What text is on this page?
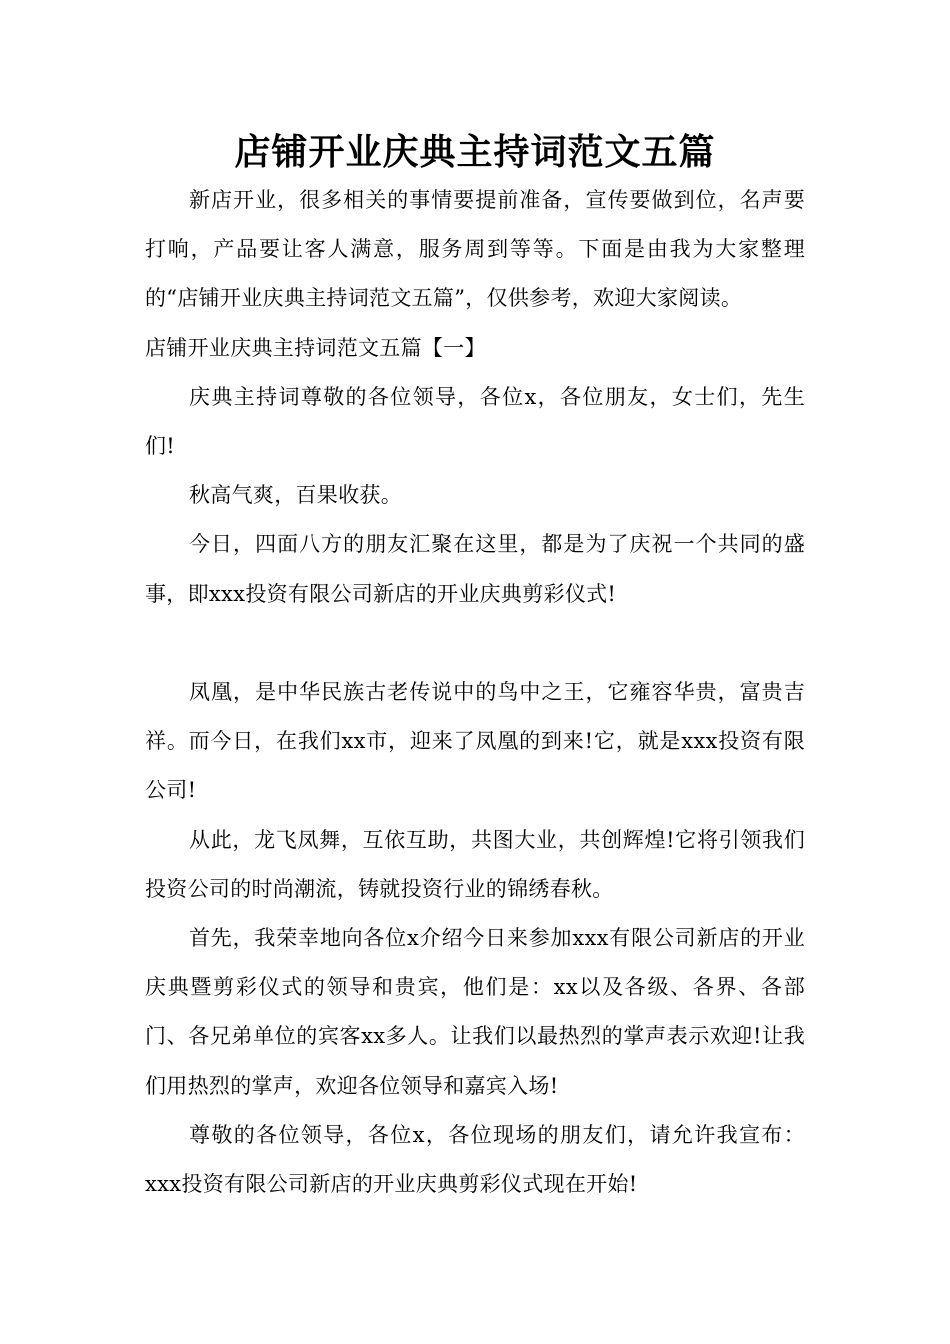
店铺开业庆典主持词范文五篇

新店开业，很多相关的事情要提前准备，宣传要做到位，名声要打响，产品要让客人满意，服务周到等等。下面是由我为大家整理的“店铺开业庆典主持词范文五篇”，仅供参考，欢迎大家阅读。

店铺开业庆典主持词范文五篇【一】

庆典主持词尊敬的各位领导，各位x，各位朋友，女士们，先生们!

秋高气爽，百果收获。

今日，四面八方的朋友汇聚在这里，都是为了庆祝一个共同的盛事，即xxx投资有限公司新店的开业庆典剪彩仪式!

凤凰，是中华民族古老传说中的鸟中之王，它雍容华贵，富贵吉祥。而今日，在我们xx市，迎来了凤凰的到来!它，就是xxx投资有限公司!

从此，龙飞凤舞，互依互助，共图大业，共创辉煌!它将引领我们投资公司的时尚潮流，铸就投资行业的锦绣春秋。

首先，我荣幸地向各位x介绍今日来参加xxx有限公司新店的开业庆典暨剪彩仪式的领导和贵宾，他们是：xx以及各级、各界、各部门、各兄弟单位的宾客xx多人。让我们以最热烈的掌声表示欢迎!让我们用热烈的掌声，欢迎各位领导和嘉宾入场!

尊敬的各位领导，各位x，各位现场的朋友们，请允许我宣布：xxx投资有限公司新店的开业庆典剪彩仪式现在开始!
